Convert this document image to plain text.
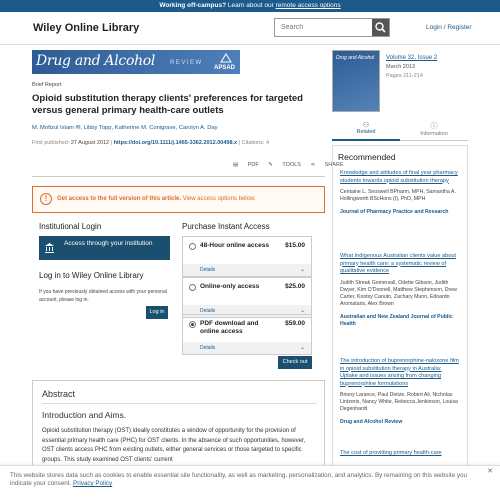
Working off-campus? Learn about our remote access options
Wiley Online Library
Search	Login / Register
Drug and Alcohol REVIEW
APSAD
Brief Report
Opioid substitution therapy clients' preferences for targeted versus general primary health-care outlets
M. Mofizul Islam ✉, Libby Topp, Katherine M. Conigrave, Carolyn A. Day
First published: 27 August 2012 | https://doi.org/10.1111/j.1465-3362.2012.00498.x | Citations: 4
▤ PDF ✎ TOOLS ⋖ SHARE
!	Get access to the full version of this article. View access options below.
Institutional Login
Access through your institution
Log in to Wiley Online Library
If you have previously obtained access with your personal account, please log in.
Log in
Purchase Instant Access
48-Hour online access $15.00
Details	⌄
Online-only access	$25.00
Details	⌄
PDF download and online access
$59.00
Details	⌄
Check out
Abstract
Introduction and Aims.
Opioid substitution therapy (OST) ideally constitutes a window of opportunity for the provision of essential primary health care (PHC) for OST clients. In the absence of such opportunities, however, OST clients access PHC from existing outlets, either general services or those targeted to specific groups. This study examined OST clients' current
Drug and Alcohol Volume 32, Issue 2
March 2013
Pages 211-214
⚇
Related
ⓘ
Information
Recommended
Knowledge and attitudes of final year pharmacy students towards opioid substitution therapy
Centaine L. Snoswell BPharm, MPH, Samantha A. Hollingworth BScHons (I), PhD, MPH
Journal of Pharmacy Practice and Research
What Indigenous Australian clients value about primary health care: a systematic review of qualitative evidence
Judith Streak Gomersall, Odette Gibson, Judith Dwyer, Kim O'Donnell, Matthew Stephenson, Drew Carter, Kootsy Canuto, Zachary Munn, Edoardo Aromataris, Alex Brown
Australian and New Zealand Journal of Public Health
The introduction of buprenorphine-naloxone film in opioid substitution therapy in Australia: Uptake and issues arising from changing buprenorphine formulations
Briony Larance, Paul Dietze, Robert Ali, Nicholas Lintzeris, Nancy White, Rebecca Jenkinson, Louisa Degenhardt
Drug and Alcohol Review
The cost of providing primary health-care
This website stores data such as cookies to enable essential site functionality, as well as marketing, personalization, and analytics. By remaining on this website you indicate your consent. Privacy Policy
✕
